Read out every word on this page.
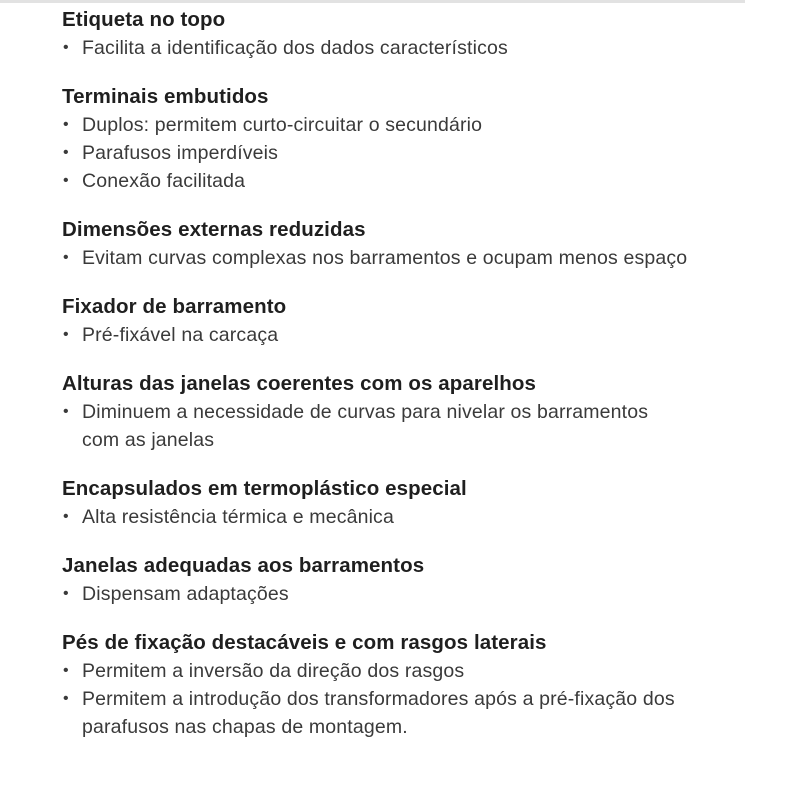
Etiqueta no topo
• Facilita a identificação dos dados característicos
Terminais embutidos
• Duplos: permitem curto-circuitar o secundário
• Parafusos imperdíveis
• Conexão facilitada
Dimensões externas reduzidas
• Evitam curvas complexas nos barramentos e ocupam menos espaço
Fixador de barramento
• Pré-fixável na carcaça
Alturas das janelas coerentes com os aparelhos
• Diminuem a necessidade de curvas para nivelar os barramentos com as janelas
Encapsulados em termoplástico especial
• Alta resistência térmica e mecânica
Janelas adequadas aos barramentos
• Dispensam adaptações
Pés de fixação destacáveis e com rasgos laterais
• Permitem a inversão da direção dos rasgos
• Permitem a introdução dos transformadores após a pré-fixação dos parafusos nas chapas de montagem.
